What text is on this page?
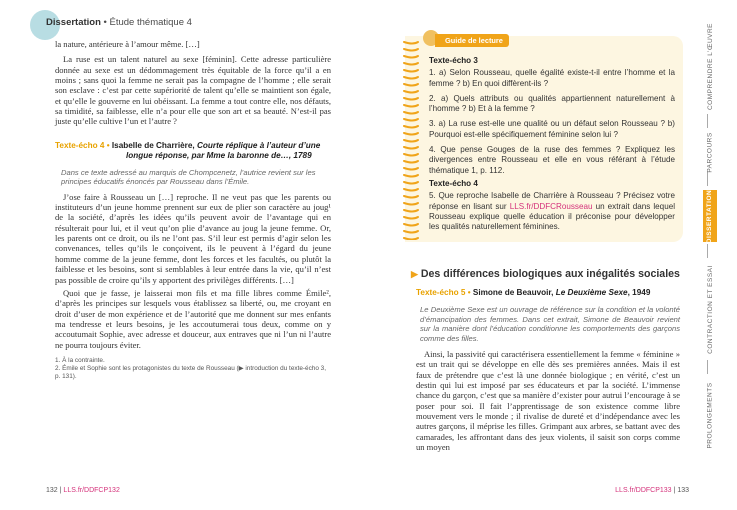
Dissertation • Étude thématique 4

la nature, antérieure à l’amour même. […]

La ruse est un talent naturel au sexe [féminin]. Cette adresse particulière donnée au sexe est un dédommagement très équitable de la force qu’il a en moins ; sans quoi la femme ne serait pas la compagne de l’homme ; elle serait son esclave : c’est par cette supériorité de talent qu’elle se maintient son égale, et qu’elle le gouverne en lui obéissant. La femme a tout contre elle, nos défauts, sa timidité, sa faiblesse, elle n’a pour elle que son art et sa beauté. N’est-il pas juste qu’elle cultive l’un et l’autre ?

Texte-écho 4 • Isabelle de Charrière, Courte réplique à l’auteur d’une
longue réponse, par Mme la baronne de…, 1789
Dans ce texte adressé au marquis de Chompcenetz, l’autrice revient sur les principes éducatifs énoncés par Rousseau dans l’Émile.

J’ose faire à Rousseau un […] reproche. Il ne veut pas que les parents ou instituteurs d’un jeune homme prennent sur eux de plier son caractère au joug¹ de la société, d’après les idées qu’ils peuvent avoir de l’avantage qui en résulterait pour lui, et il veut qu’on plie d’avance au joug la jeune femme. Or, les parents ont ce droit, ou ils ne l’ont pas. S’il leur est permis d’agir selon les convenances, telles qu’ils le conçoivent, ils le peuvent à l’égard du jeune homme comme de la jeune femme, dont les forces et les facultés, ou plutôt la faiblesse et les besoins, sont si semblables à leur entrée dans la vie, qu’il n’est pas possible de croire qu’ils y apportent des privilèges différents. […]

Quoi que je fasse, je laisserai mon fils et ma fille libres comme Émile², d’après les principes sur lesquels vous établissez sa liberté, ou, me croyant en droit d’user de mon expérience et de l’autorité que me donnent sur mes enfants ma tendresse et leurs besoins, je les accoutumerai tous deux, comme on y accoutumait Sophie, avec adresse et douceur, aux entraves que ni l’un ni l’autre ne pourra toujours éviter.

1. À la contrainte.
2. Émile et Sophie sont les protagonistes du texte de Rousseau (▶ introduction du texte-écho 3, p. 131).
132 | LLS.fr/DDFCP132
Guide de lecture
Texte-écho 3
1. a) Selon Rousseau, quelle égalité existe-t-il entre l’homme et la femme ? b) En quoi diffèrent-ils ?
2. a) Quels attributs ou qualités appartiennent naturellement à l’homme ? b) Et à la femme ?
3. a) La ruse est-elle une qualité ou un défaut selon Rousseau ? b) Pourquoi est-elle spécifiquement féminine selon lui ?
4. Que pense Gouges de la ruse des femmes ? Expliquez les divergences entre Rousseau et elle en vous référant à l’étude thématique 1, p. 112.
Texte-écho 4
5. Que reproche Isabelle de Charrière à Rousseau ? Précisez votre réponse en lisant sur LLS.fr/DDFCRousseau un extrait dans lequel Rousseau explique quelle éducation il préconise pour développer les qualités naturellement féminines.
▶ Des différences biologiques aux inégalités sociales
Texte-écho 5 • Simone de Beauvoir, Le Deuxième Sexe, 1949
Le Deuxième Sexe est un ouvrage de référence sur la condition et la volonté d’émancipation des femmes. Dans cet extrait, Simone de Beauvoir revient sur la manière dont l’éducation conditionne les comportements des garçons comme des filles.

Ainsi, la passivité qui caractérisera essentiellement la femme « féminine » est un trait qui se développe en elle dès ses premières années. Mais il est faux de prétendre que c’est là une donnée biologique ; en vérité, c’est un destin qui lui est imposé par ses éducateurs et par la société. L’immense chance du garçon, c’est que sa manière d’exister pour autrui l’encourage à se poser pour soi. Il fait l’apprentissage de son existence comme libre mouvement vers le monde ; il rivalise de dureté et d’indépendance avec les autres garçons, il méprise les filles. Grimpant aux arbres, se battant avec des camarades, les affrontant dans des jeux violents, il saisit son corps comme un moyen

LLS.fr/DDFCP133 | 133
PROLONGEMENTS
CONTRACTION ET ESSAI
DISSERTATION
PARCOURS
COMPRENDRE L’ŒUVRE
